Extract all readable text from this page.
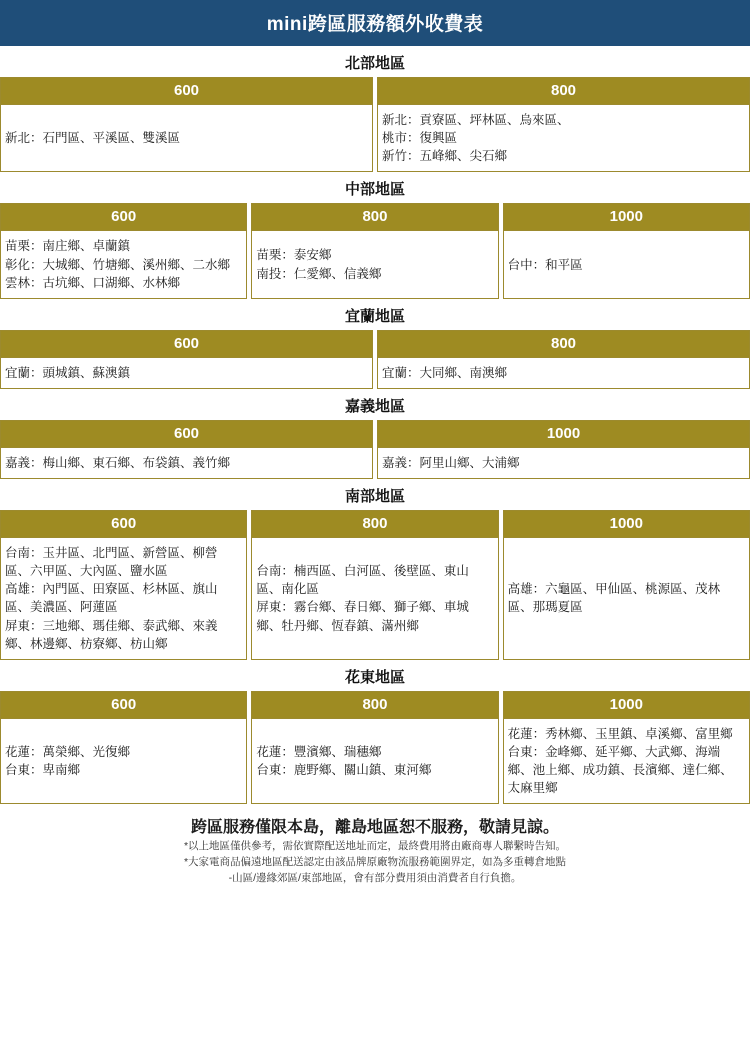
mini跨區服務額外收費表
北部地區
600
新北：石門區、平溪區、雙溪區
800
新北：貢寮區、坪林區、烏來區、
桃市：復興區
新竹：五峰鄉、尖石鄉
中部地區
600
苗栗：南庄鄉、卓蘭鎮
彰化：大城鄉、竹塘鄉、溪州鄉、二水鄉
雲林：古坑鄉、口湖鄉、水林鄉
800
苗栗：泰安鄉
南投：仁愛鄉、信義鄉
1000
台中：和平區
宜蘭地區
600
宜蘭：頭城鎮、蘇澳鎮
800
宜蘭：大同鄉、南澳鄉
嘉義地區
600
嘉義：梅山鄉、東石鄉、布袋鎮、義竹鄉
1000
嘉義：阿里山鄉、大浦鄉
南部地區
600
台南：玉井區、北門區、新營區、柳營區、六甲區、大內區、鹽水區
高雄：內門區、田寮區、杉林區、旗山區、美濃區、阿蓮區
屏東：三地鄉、瑪佳鄉、泰武鄉、來義鄉、林邊鄉、枋寮鄉、枋山鄉
800
台南：楠西區、白河區、後壁區、東山區、南化區
屏東：霧台鄉、春日鄉、獅子鄉、車城鄉、牡丹鄉、恆春鎮、滿州鄉
1000
高雄：六龜區、甲仙區、桃源區、茂林區、那瑪夏區
花東地區
600
花蓮：萬榮鄉、光復鄉
台東：卑南鄉
800
花蓮：豐濱鄉、瑞穗鄉
台東：鹿野鄉、關山鎮、東河鄉
1000
花蓮：秀林鄉、玉里鎮、卓溪鄉、富里鄉
台東：金峰鄉、延平鄉、大武鄉、海端鄉、池上鄉、成功鎮、長濱鄉、達仁鄉、太麻里鄉
跨區服務僅限本島，離島地區恕不服務，敬請見諒。
*以上地區僅供參考，需依實際配送地址而定，最終費用將由廠商專人聯繫時告知。
*大家電商品偏遠地區配送認定由該品牌原廠物流服務範圍界定，如為多重轉倉地點
-山區/邊緣郊區/東部地區，會有部分費用須由消費者自行負擔。
